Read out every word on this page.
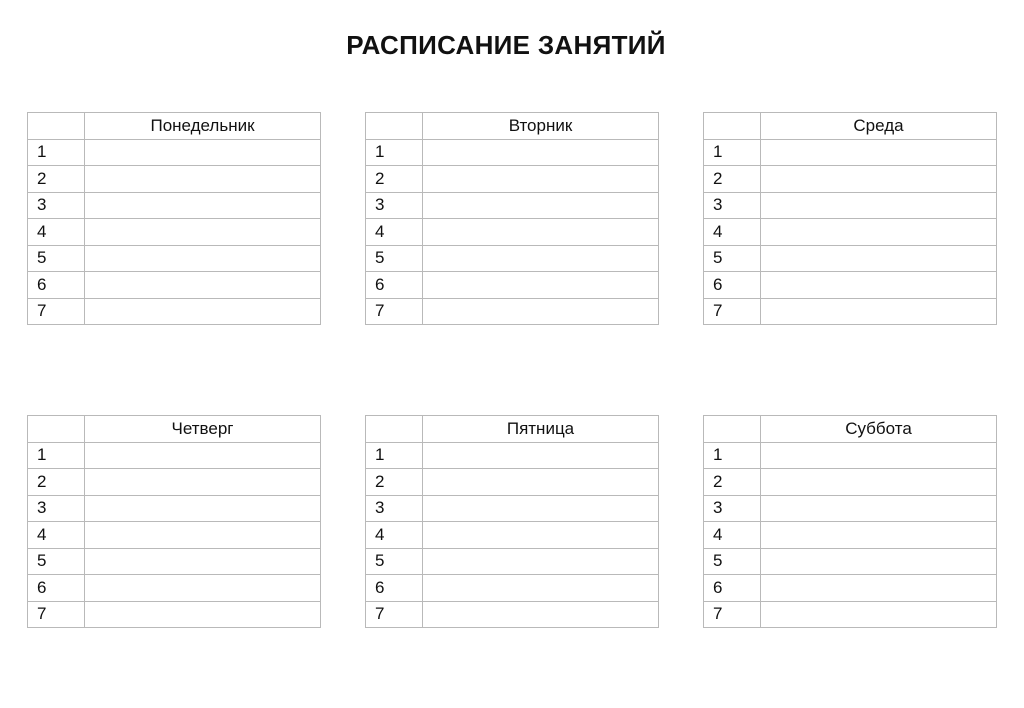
РАСПИСАНИЕ ЗАНЯТИЙ
	Понедельник
1	
2	
3	
4	
5	
6	
7	
	Вторник
1	
2	
3	
4	
5	
6	
7	
	Среда
1	
2	
3	
4	
5	
6	
7	
	Четверг
1	
2	
3	
4	
5	
6	
7	
	Пятница
1	
2	
3	
4	
5	
6	
7	
	Суббота
1	
2	
3	
4	
5	
6	
7	
